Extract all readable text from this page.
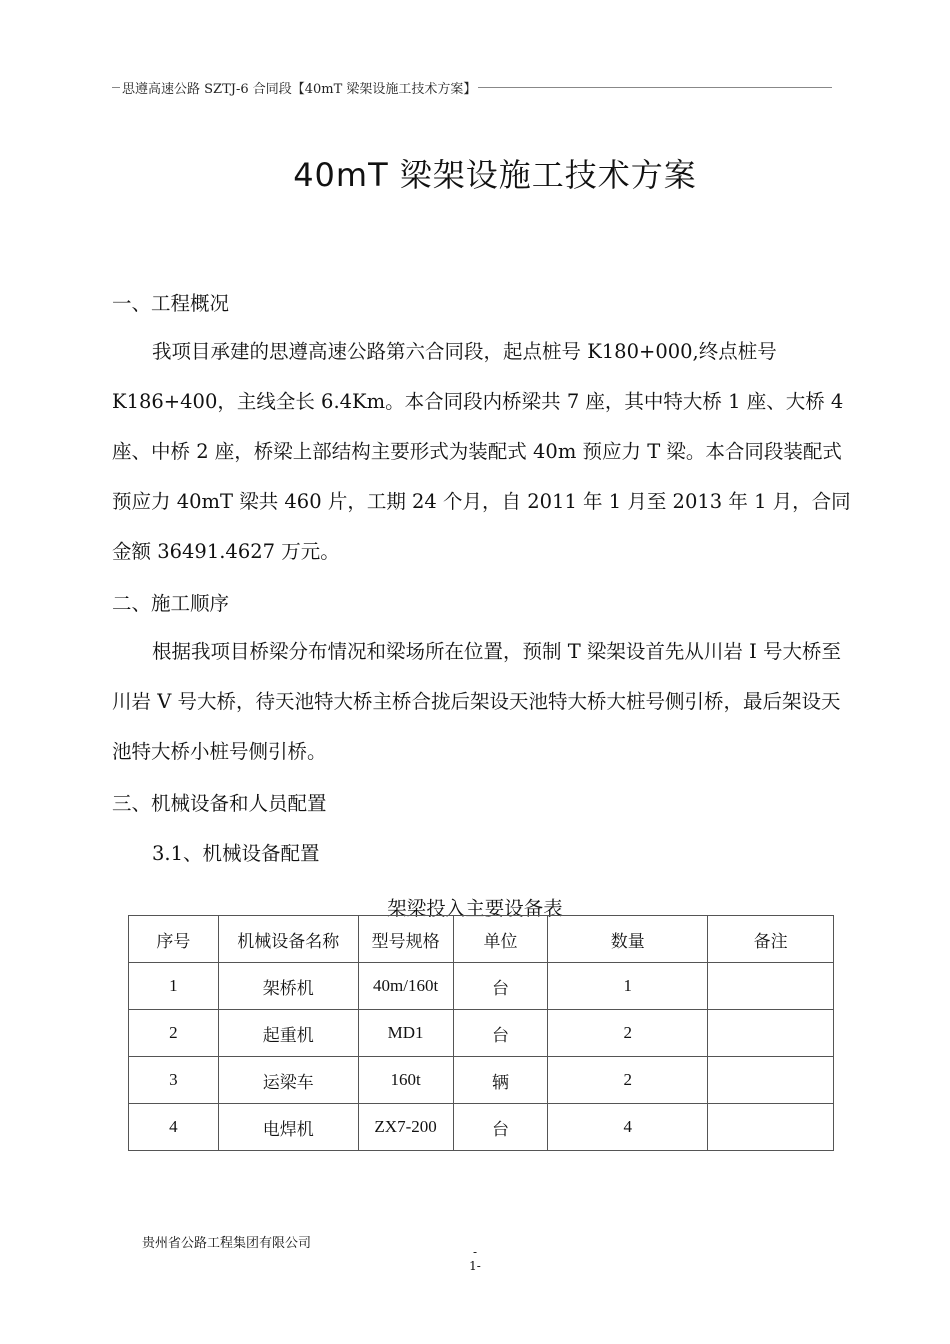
思遵高速公路 SZTJ-6 合同段【40mT 梁架设施工技术方案】
40mT 梁架设施工技术方案
一、工程概况
我项目承建的思遵高速公路第六合同段，起点桩号 K180+000,终点桩号 K186+400，主线全长 6.4Km。本合同段内桥梁共 7 座，其中特大桥 1 座、大桥 4 座、中桥 2 座，桥梁上部结构主要形式为装配式 40m 预应力 T 梁。本合同段装配式预应力 40mT 梁共 460 片，工期 24 个月，自 2011 年 1 月至 2013 年 1 月，合同金额 36491.4627 万元。
二、施工顺序
根据我项目桥梁分布情况和梁场所在位置，预制 T 梁架设首先从川岩 I 号大桥至川岩 V 号大桥，待天池特大桥主桥合拢后架设天池特大桥大桩号侧引桥，最后架设天池特大桥小桩号侧引桥。
三、机械设备和人员配置
3.1、机械设备配置
架梁投入主要设备表
序号	机械设备名称	型号规格	单位	数量	备注
1	架桥机	40m/160t	台	1	
2	起重机	MD1	台	2	
3	运梁车	160t	辆	2	
4	电焊机	ZX7-200	台	4	
贵州省公路工程集团有限公司
-
1-
